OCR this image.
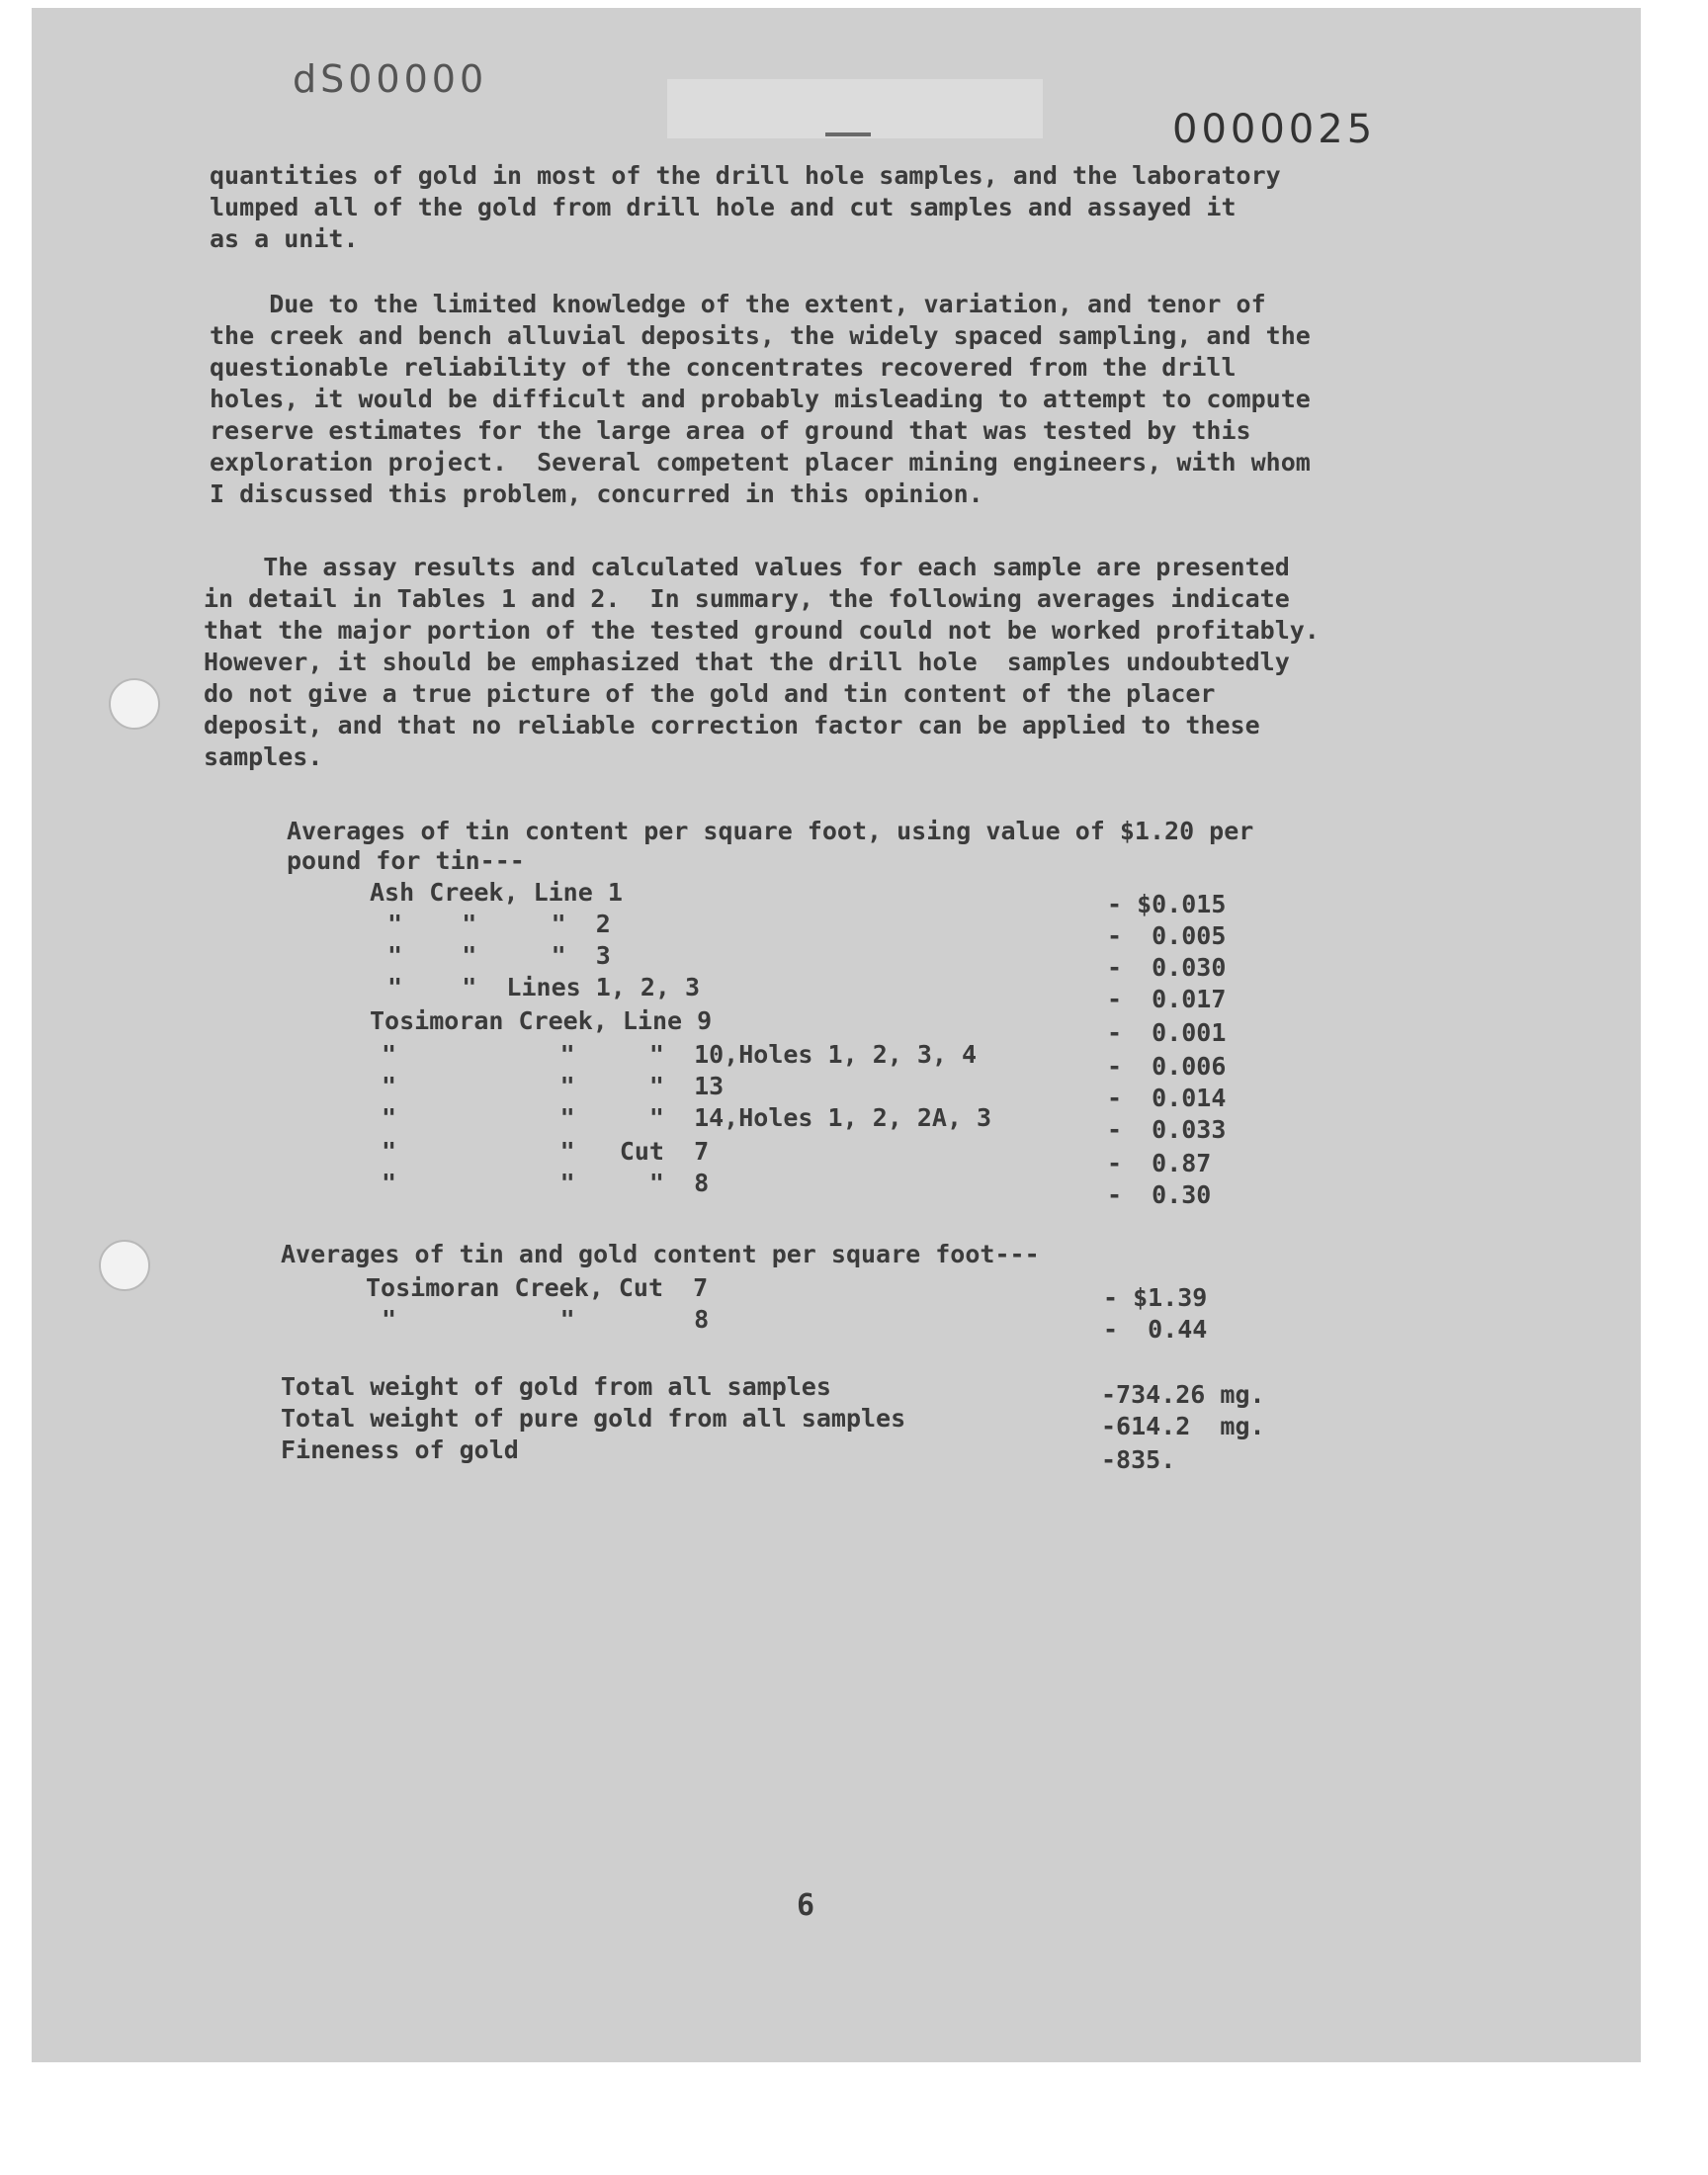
dS00000
0000025
quantities of gold in most of the drill hole samples, and the laboratory
lumped all of the gold from drill hole and cut samples and assayed it
as a unit.
Due to the limited knowledge of the extent, variation, and tenor of
the creek and bench alluvial deposits, the widely spaced sampling, and the
questionable reliability of the concentrates recovered from the drill
holes, it would be difficult and probably misleading to attempt to compute
reserve estimates for the large area of ground that was tested by this
exploration project.  Several competent placer mining engineers, with whom
I discussed this problem, concurred in this opinion.
The assay results and calculated values for each sample are presented
in detail in Tables 1 and 2.  In summary, the following averages indicate
that the major portion of the tested ground could not be worked profitably.
However, it should be emphasized that the drill hole  samples undoubtedly
do not give a true picture of the gold and tin content of the placer
deposit, and that no reliable correction factor can be applied to these
samples.
Averages of tin content per square foot, using value of $1.20 per
pound for tin---
Ash Creek, Line 1	- $0.015
"    "     "  2	-  0.005
"    "     "  3	-  0.030
"    "  Lines 1, 2, 3	-  0.017
Tosimoran Creek, Line 9	-  0.001
"           "     "  10,Holes 1, 2, 3, 4	-  0.006
"           "     "  13	-  0.014
"           "     "  14,Holes 1, 2, 2A, 3	-  0.033
"           "   Cut  7	-  0.87
"           "     "  8	-  0.30
Averages of tin and gold content per square foot---
Tosimoran Creek, Cut  7	- $1.39
"           "        8	-  0.44
Total weight of gold from all samples	-734.26 mg.
Total weight of pure gold from all samples	-614.2  mg.
Fineness of gold	-835.
6
